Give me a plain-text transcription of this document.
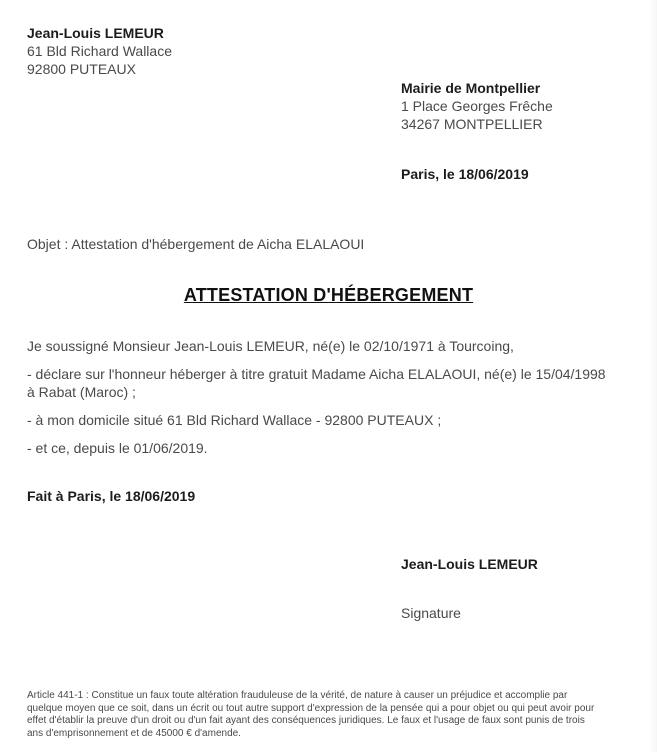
Jean-Louis LEMEUR
61 Bld Richard Wallace
92800 PUTEAUX
Mairie de Montpellier
1 Place Georges Frêche
34267 MONTPELLIER
Paris, le 18/06/2019
Objet : Attestation d'hébergement de Aicha ELALAOUI
ATTESTATION D'HÉBERGEMENT
Je soussigné Monsieur Jean-Louis LEMEUR, né(e) le 02/10/1971 à Tourcoing,
- déclare sur l'honneur héberger à titre gratuit Madame Aicha ELALAOUI, né(e) le 15/04/1998
à Rabat (Maroc) ;
- à mon domicile situé 61 Bld Richard Wallace - 92800 PUTEAUX ;
- et ce, depuis le 01/06/2019.
Fait à Paris, le 18/06/2019
Jean-Louis LEMEUR
Signature
Article 441-1 : Constitue un faux toute altération frauduleuse de la vérité, de nature à causer un préjudice et accomplie par
quelque moyen que ce soit, dans un écrit ou tout autre support d'expression de la pensée qui a pour objet ou qui peut avoir pour
effet d'établir la preuve d'un droit ou d'un fait ayant des conséquences juridiques. Le faux et l'usage de faux sont punis de trois
ans d'emprisonnement et de 45000 € d'amende.
